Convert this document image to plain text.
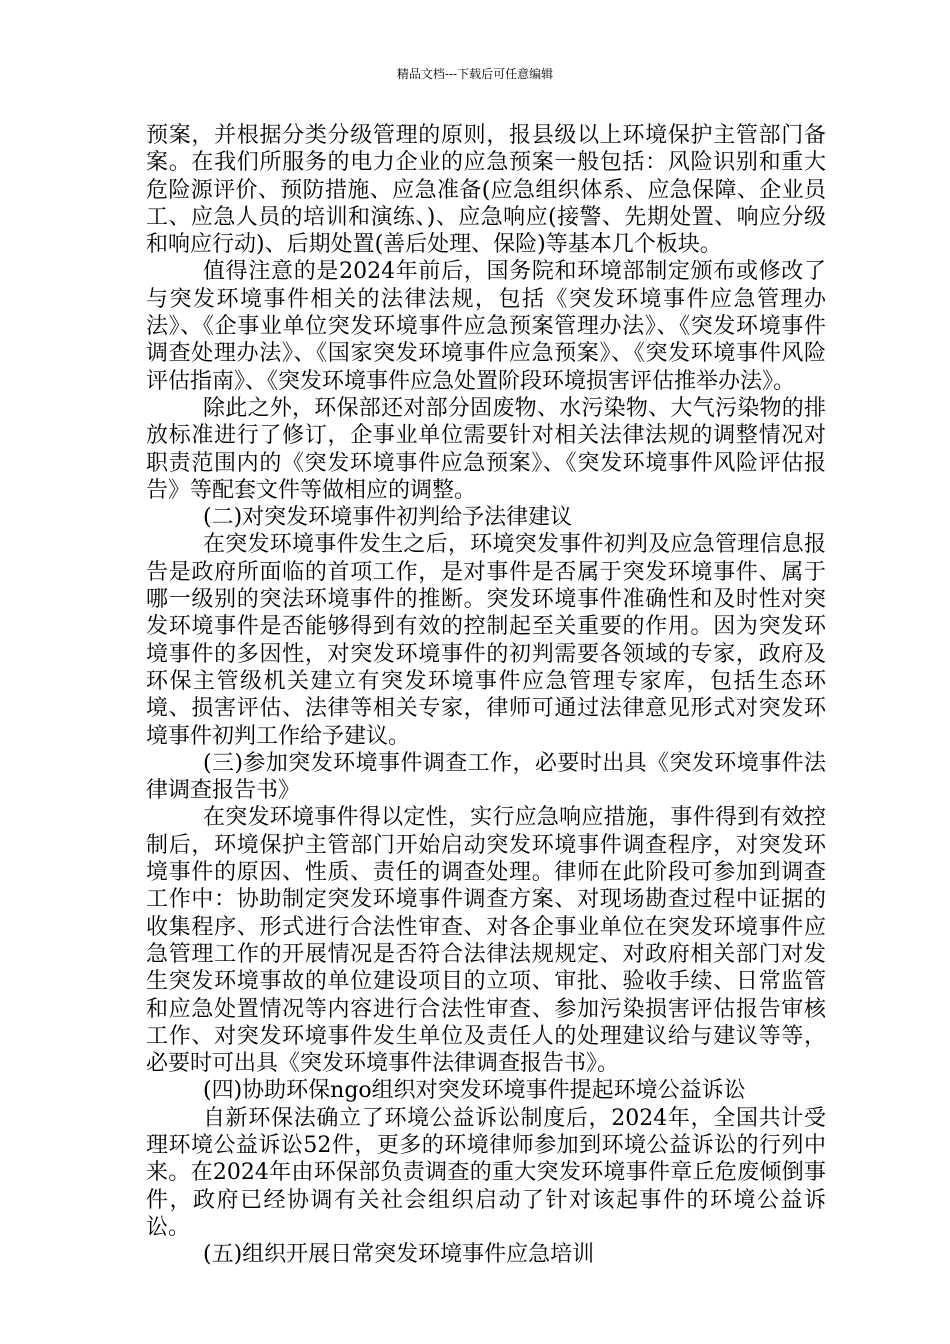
精品文档---下载后可任意编辑

预案，并根据分类分级管理的原则，报县级以上环境保护主管部门备案。在我们所服务的电力企业的应急预案一般包括：风险识别和重大危险源评价、预防措施、应急准备(应急组织体系、应急保障、企业员工、应急人员的培训和演练、)、应急响应(接警、先期处置、响应分级和响应行动)、后期处置(善后处理、保险)等基本几个板块。

值得注意的是2024年前后，国务院和环境部制定颁布或修改了与突发环境事件相关的法律法规，包括《突发环境事件应急管理办法》、《企事业单位突发环境事件应急预案管理办法》、《突发环境事件调查处理办法》、《国家突发环境事件应急预案》、《突发环境事件风险评估指南》、《突发环境事件应急处置阶段环境损害评估推举办法》。

除此之外，环保部还对部分固废物、水污染物、大气污染物的排放标准进行了修订，企事业单位需要针对相关法律法规的调整情况对职责范围内的《突发环境事件应急预案》、《突发环境事件风险评估报告》等配套文件等做相应的调整。

(二)对突发环境事件初判给予法律建议

在突发环境事件发生之后，环境突发事件初判及应急管理信息报告是政府所面临的首项工作，是对事件是否属于突发环境事件、属于哪一级别的突法环境事件的推断。突发环境事件准确性和及时性对突发环境事件是否能够得到有效的控制起至关重要的作用。因为突发环境事件的多因性，对突发环境事件的初判需要各领域的专家，政府及环保主管级机关建立有突发环境事件应急管理专家库，包括生态环境、损害评估、法律等相关专家，律师可通过法律意见形式对突发环境事件初判工作给予建议。

(三)参加突发环境事件调查工作，必要时出具《突发环境事件法律调查报告书》

在突发环境事件得以定性，实行应急响应措施，事件得到有效控制后，环境保护主管部门开始启动突发环境事件调查程序，对突发环境事件的原因、性质、责任的调查处理。律师在此阶段可参加到调查工作中：协助制定突发环境事件调查方案、对现场勘查过程中证据的收集程序、形式进行合法性审查、对各企事业单位在突发环境事件应急管理工作的开展情况是否符合法律法规规定、对政府相关部门对发生突发环境事故的单位建设项目的立项、审批、验收手续、日常监管和应急处置情况等内容进行合法性审查、参加污染损害评估报告审核工作、对突发环境事件发生单位及责任人的处理建议给与建议等等，必要时可出具《突发环境事件法律调查报告书》。

(四)协助环保ngo组织对突发环境事件提起环境公益诉讼

自新环保法确立了环境公益诉讼制度后，2024年，全国共计受理环境公益诉讼52件，更多的环境律师参加到环境公益诉讼的行列中来。在2024年由环保部负责调查的重大突发环境事件章丘危废倾倒事件，政府已经协调有关社会组织启动了针对该起事件的环境公益诉讼。

(五)组织开展日常突发环境事件应急培训
